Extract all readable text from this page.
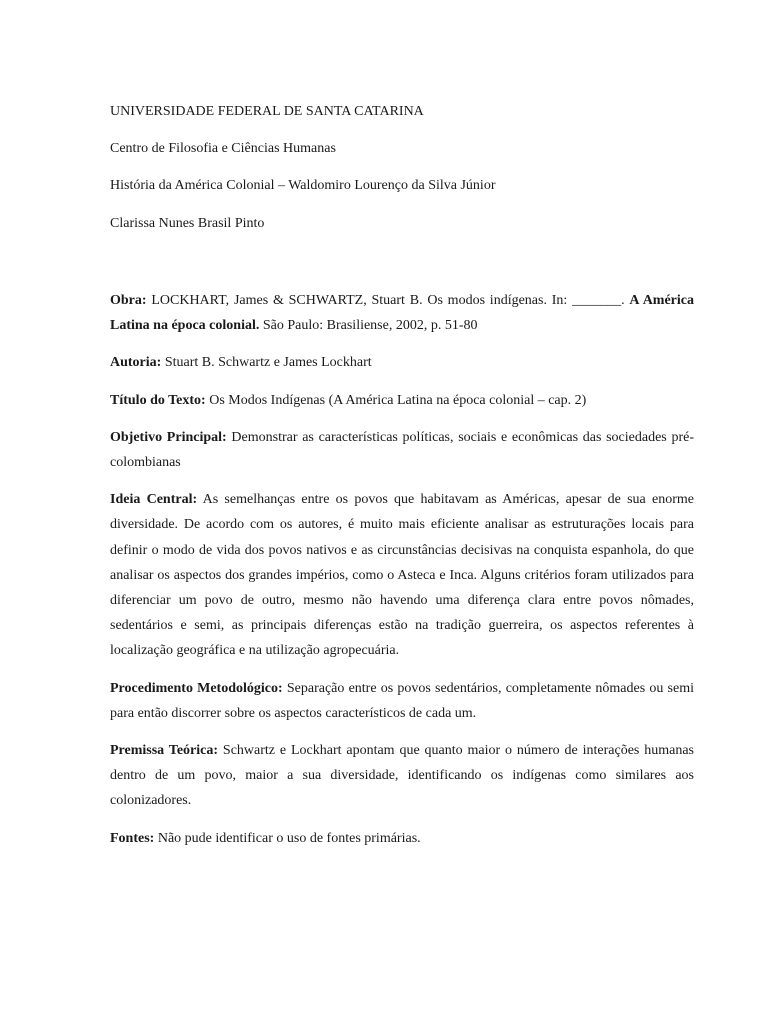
UNIVERSIDADE FEDERAL DE SANTA CATARINA
Centro de Filosofia e Ciências Humanas
História da América Colonial – Waldomiro Lourenço da Silva Júnior
Clarissa Nunes Brasil Pinto

Obra: LOCKHART, James & SCHWARTZ, Stuart B. Os modos indígenas. In: _______. A América Latina na época colonial. São Paulo: Brasiliense, 2002, p. 51-80

Autoria: Stuart B. Schwartz e James Lockhart

Título do Texto: Os Modos Indígenas (A América Latina na época colonial – cap. 2)

Objetivo Principal: Demonstrar as características políticas, sociais e econômicas das sociedades pré-colombianas

Ideia Central: As semelhanças entre os povos que habitavam as Américas, apesar de sua enorme diversidade. De acordo com os autores, é muito mais eficiente analisar as estruturações locais para definir o modo de vida dos povos nativos e as circunstâncias decisivas na conquista espanhola, do que analisar os aspectos dos grandes impérios, como o Asteca e Inca. Alguns critérios foram utilizados para diferenciar um povo de outro, mesmo não havendo uma diferença clara entre povos nômades, sedentários e semi, as principais diferenças estão na tradição guerreira, os aspectos referentes à localização geográfica e na utilização agropecuária.

Procedimento Metodológico: Separação entre os povos sedentários, completamente nômades ou semi para então discorrer sobre os aspectos característicos de cada um.

Premissa Teórica: Schwartz e Lockhart apontam que quanto maior o número de interações humanas dentro de um povo, maior a sua diversidade, identificando os indígenas como similares aos colonizadores.

Fontes: Não pude identificar o uso de fontes primárias.
